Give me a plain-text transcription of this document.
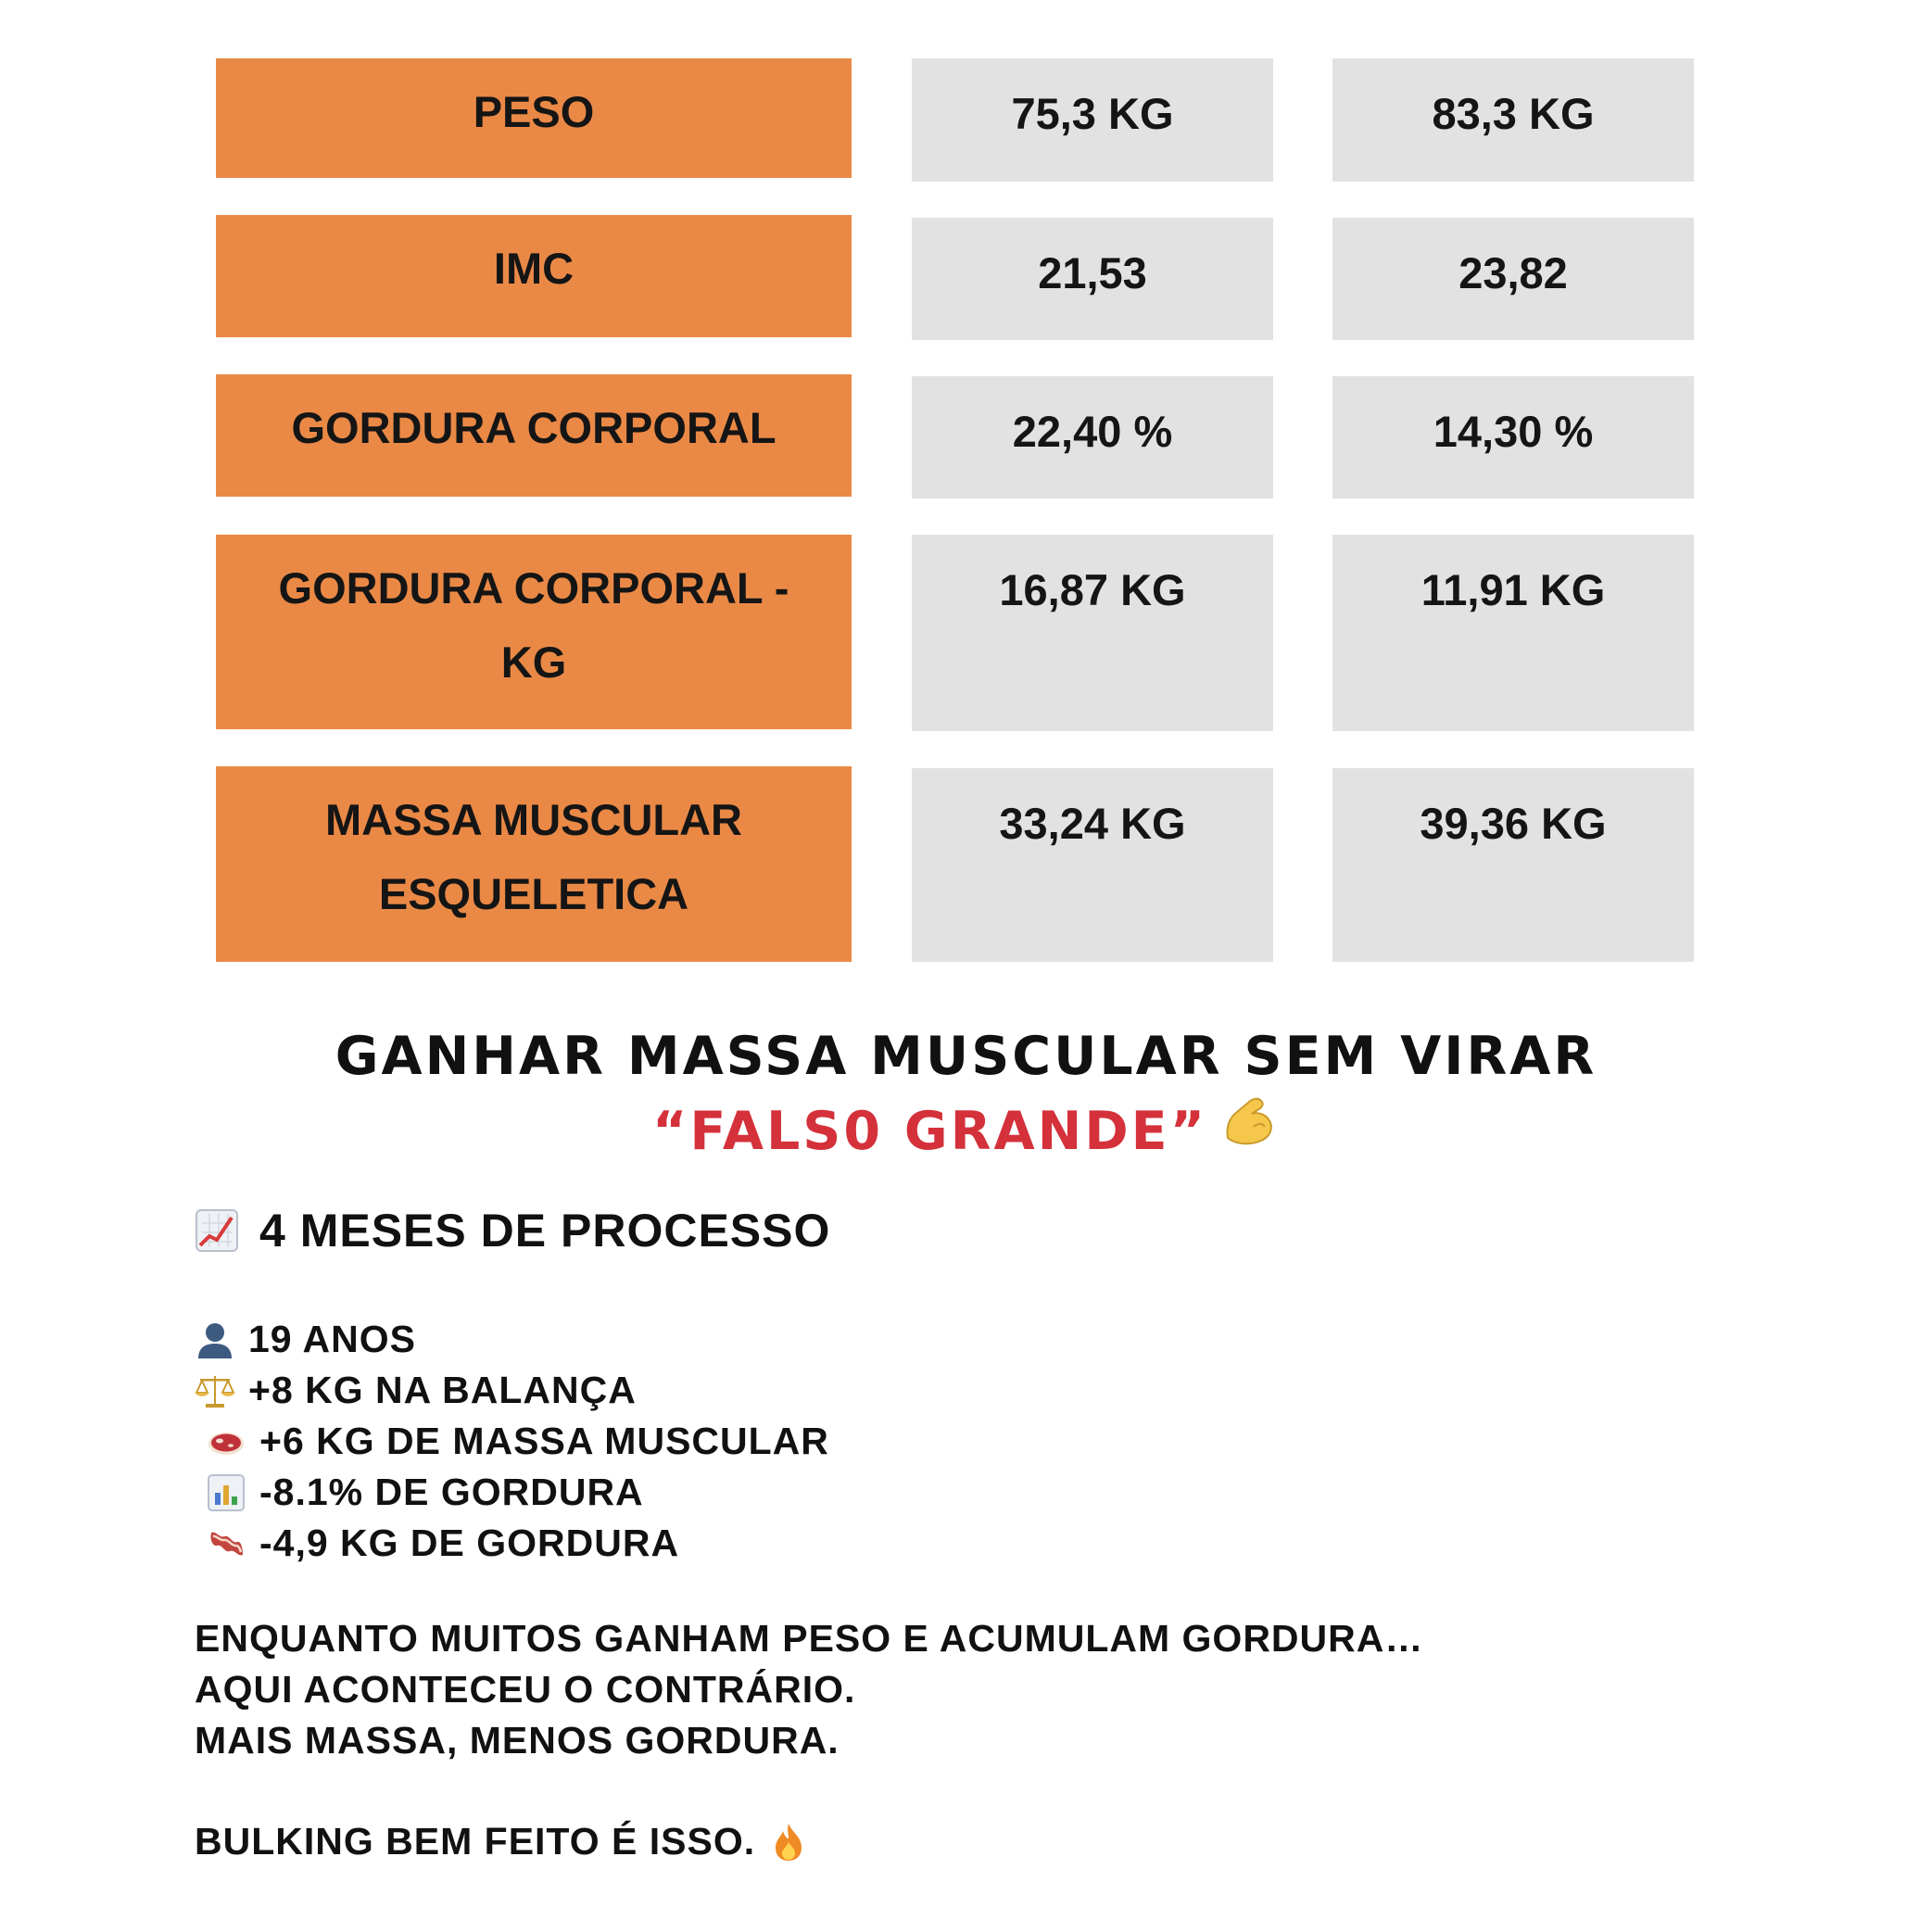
PESO	75,3 KG	83,3 KG
IMC	21,53	23,82
GORDURA CORPORAL	22,40 %	14,30 %
GORDURA CORPORAL -
KG
16,87 KG	11,91 KG
MASSA MUSCULAR
ESQUELETICA
33,24 KG	39,36 KG
GANHAR MASSA MUSCULAR SEM VIRAR
“FALS0 GRANDE”
4 MESES DE PROCESSO
19 ANOS
+8 KG NA BALANÇA
+6 KG DE MASSA MUSCULAR
-8.1% DE GORDURA
-4,9 KG DE GORDURA
ENQUANTO MUITOS GANHAM PESO E ACUMULAM GORDURA…
AQUI ACONTECEU O CONTRÁRIO.
MAIS MASSA, MENOS GORDURA.
BULKING BEM FEITO É ISSO.
